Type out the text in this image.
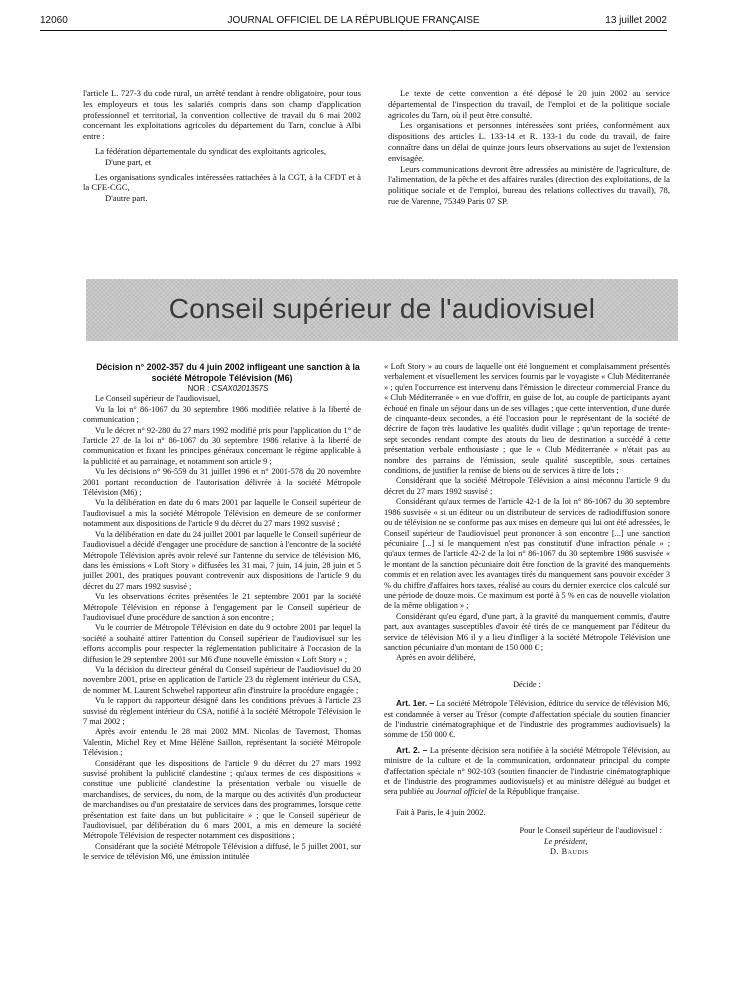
12060	JOURNAL OFFICIEL DE LA RÉPUBLIQUE FRANÇAISE	13 juillet 2002

l'article L. 727-3 du code rural, un arrêté tendant à rendre obligatoire, pour tous les employeurs et tous les salariés compris dans son champ d'application professionnel et territorial, la convention collective de travail du 6 mai 2002 concernant les exploitations agricoles du département du Tarn, conclue à Albi entre :

La fédération départementale du syndicat des exploitants agricoles,

D'une part, et

Les organisations syndicales intéressées rattachées à la CGT, à la CFDT et à la CFE-CGC,

D'autre part.

Le texte de cette convention a été déposé le 20 juin 2002 au service départemental de l'inspection du travail, de l'emploi et de la politique sociale agricoles du Tarn, où il peut être consulté.

Les organisations et personnes intéressées sont priées, conformément aux dispositions des articles L. 133-14 et R. 133-1 du code du travail, de faire connaître dans un délai de quinze jours leurs observations au sujet de l'extension envisagée.

Leurs communications devront être adressées au ministère de l'agriculture, de l'alimentation, de la pêche et des affaires rurales (direction des exploitations, de la politique sociale et de l'emploi, bureau des relations collectives du travail), 78, rue de Varenne, 75349 Paris 07 SP.

Conseil supérieur de l'audiovisuel

Décision n° 2002-357 du 4 juin 2002 infligeant une sanction à la société Métropole Télévision (M6)

NOR : CSAX0201357S

Le Conseil supérieur de l'audiovisuel,

Vu la loi n° 86-1067 du 30 septembre 1986 modifiée relative à la liberté de communication ;

Vu le décret n° 92-280 du 27 mars 1992 modifié pris pour l'application du 1° de l'article 27 de la loi n° 86-1067 du 30 septembre 1986 relative à la liberté de communication et fixant les principes généraux concernant le régime applicable à la publicité et au parrainage, et notamment son article 9 ;

Vu les décisions n° 96-559 du 31 juillet 1996 et n° 2001-578 du 20 novembre 2001 portant reconduction de l'autorisation délivrée à la société Métropole Télévision (M6) ;

Vu la délibération en date du 6 mars 2001 par laquelle le Conseil supérieur de l'audiovisuel a mis la société Métropole Télévision en demeure de se conformer notamment aux dispositions de l'article 9 du décret du 27 mars 1992 susvisé ;

Vu la délibération en date du 24 juillet 2001 par laquelle le Conseil supérieur de l'audiovisuel a décidé d'engager une procédure de sanction à l'encontre de la société Métropole Télévision après avoir relevé sur l'antenne du service de télévision M6, dans les émissions « Loft Story » diffusées les 31 mai, 7 juin, 14 juin, 28 juin et 5 juillet 2001, des pratiques pouvant contrevenir aux dispositions de l'article 9 du décret du 27 mars 1992 susvisé ;

Vu les observations écrites présentées le 21 septembre 2001 par la société Métropole Télévision en réponse à l'engagement par le Conseil supérieur de l'audiovisuel d'une procédure de sanction à son encontre ;

Vu le courrier de Métropole Télévision en date du 9 octobre 2001 par lequel la société a souhaité attirer l'attention du Conseil supérieur de l'audiovisuel sur les efforts accomplis pour respecter la réglementation publicitaire à l'occasion de la diffusion le 29 septembre 2001 sur M6 d'une nouvelle émission « Loft Story » ;

Vu la décision du directeur général du Conseil supérieur de l'audiovisuel du 20 novembre 2001, prise en application de l'article 23 du règlement intérieur du CSA, de nommer M. Laurent Schwebel rapporteur afin d'instruire la procédure engagée ;

Vu le rapport du rapporteur désigné dans les conditions prévues à l'article 23 susvisé du règlement intérieur du CSA, notifié à la société Métropole Télévision le 7 mai 2002 ;

Après avoir entendu le 28 mai 2002 MM. Nicolas de Tavernost, Thomas Valentin, Michel Rey et Mme Hélène Saillon, représentant la société Métropole Télévision ;

Considérant que les dispositions de l'article 9 du décret du 27 mars 1992 susvisé prohibent la publicité clandestine ; qu'aux termes de ces dispositions « constitue une publicité clandestine la présentation verbale ou visuelle de marchandises, de services, du nom, de la marque ou des activités d'un producteur de marchandises ou d'un prestataire de services dans des programmes, lorsque cette présentation est faite dans un but publicitaire » ; que le Conseil supérieur de l'audiovisuel, par délibération du 6 mars 2001, a mis en demeure la société Métropole Télévision de respecter notamment ces dispositions ;

Considérant que la société Métropole Télévision a diffusé, le 5 juillet 2001, sur le service de télévision M6, une émission intitulée

« Loft Story » au cours de laquelle ont été longuement et complaisamment présentés verbalement et visuellement les services fournis par le voyagiste « Club Méditerranée » ; qu'en l'occurrence est intervenu dans l'émission le directeur commercial France du « Club Méditerranée » en vue d'offrir, en guise de lot, au couple de participants ayant échoué en finale un séjour dans un de ses villages ; que cette intervention, d'une durée de cinquante-deux secondes, a été l'occasion pour le représentant de la société de décrire de façon très laudative les qualités dudit village ; qu'un reportage de trente-sept secondes rendant compte des atouts du lieu de destination a succédé à cette présentation verbale enthousiaste ; que le « Club Méditerranée » n'était pas au nombre des parrains de l'émission, seule qualité susceptible, sous certaines conditions, de justifier la remise de biens ou de services à titre de lots ;

Considérant que la société Métropole Télévision a ainsi méconnu l'article 9 du décret du 27 mars 1992 susvisé ;

Considérant qu'aux termes de l'article 42-1 de la loi n° 86-1067 du 30 septembre 1986 susvisée « si un éditeur ou un distributeur de services de radiodiffusion sonore ou de télévision ne se conforme pas aux mises en demeure qui lui ont été adressées, le Conseil supérieur de l'audiovisuel peut prononcer à son encontre [...] une sanction pécuniaire [...] si le manquement n'est pas constitutif d'une infraction pénale » ; qu'aux termes de l'article 42-2 de la loi n° 86-1067 du 30 septembre 1986 susvisée « le montant de la sanction pécuniaire doit être fonction de la gravité des manquements commis et en relation avec les avantages tirés du manquement sans pouvoir excéder 3 % du chiffre d'affaires hors taxes, réalisé au cours du dernier exercice clos calculé sur une période de douze mois. Ce maximum est porté à 5 % en cas de nouvelle violation de la même obligation » ;

Considérant qu'eu égard, d'une part, à la gravité du manquement commis, d'autre part, aux avantages susceptibles d'avoir été tirés de ce manquement par l'éditeur du service de télévision M6 il y a lieu d'infliger à la société Métropole Télévision une sanction pécuniaire d'un montant de 150 000 € ;

Après en avoir délibéré,

Décide :

Art. 1er. – La société Métropole Télévision, éditrice du service de télévision M6, est condamnée à verser au Trésor (compte d'affectation spéciale du soutien financier de l'industrie cinématographique et de l'industrie des programmes audiovisuels) la somme de 150 000 €.

Art. 2. – La présente décision sera notifiée à la société Métropole Télévision, au ministre de la culture et de la communication, ordonnateur principal du compte d'affectation spéciale n° 902-103 (soutien financier de l'industrie cinématographique et de l'industrie des programmes audiovisuels) et au ministre délégué au budget et sera publiée au Journal officiel de la République française.

Fait à Paris, le 4 juin 2002.

Pour le Conseil supérieur de l'audiovisuel :

Le président,

D. Baudis
